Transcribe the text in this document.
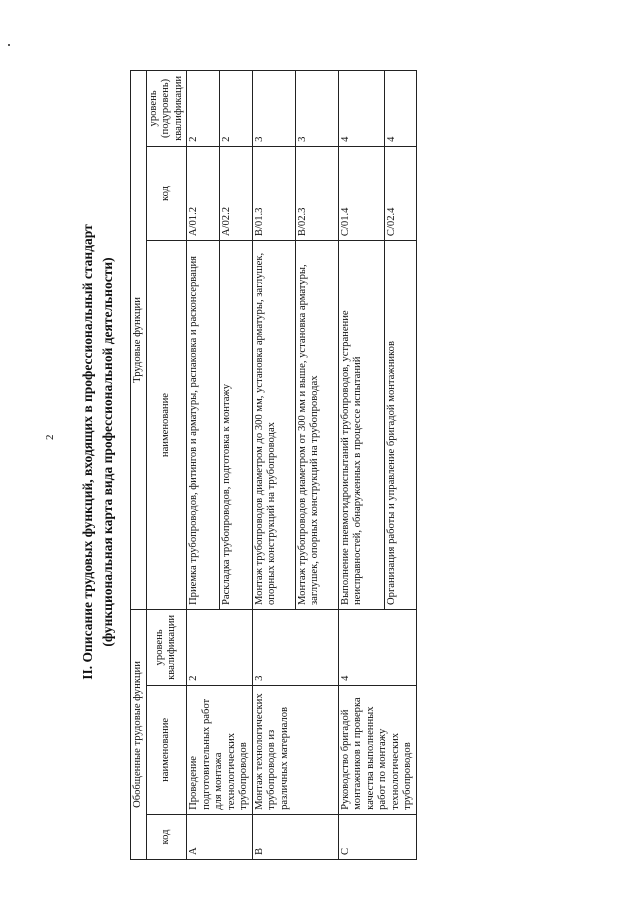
2 II. Описание трудовых функций, входящих в профессиональный стандарт (функциональная карта вида профессиональной деятельности)
Обобщенные трудовые функции			Трудовые функции		
код	наименование	уровень квалификации	наименование	код	уровень (подуровень) квалификации
A	Проведение подготовительных работ для монтажа технологических трубопроводов	2	Приемка трубопроводов, фитингов и арматуры, распаковка и расконсервация	A/01.2	2
			Раскладка трубопроводов, подготовка к монтажу	A/02.2	2
B	Монтаж технологических трубопроводов из различных материалов	3	Монтаж трубопроводов диаметром до 300 мм, установка арматуры, заглушек, опорных конструкций на трубопроводах	B/01.3	3
			Монтаж трубопроводов диаметром от 300 мм и выше, установка арматуры, заглушек, опорных конструкций на трубопроводах	B/02.3	3
C	Руководство бригадой монтажников и проверка качества выполненных работ по монтажу технологических трубопроводов	4	Выполнение пневмогидроиспытаний трубопроводов, устранение неисправностей, обнаруженных в процессе испытаний	C/01.4	4
			Организация работы и управление бригадой монтажников	C/02.4	4
